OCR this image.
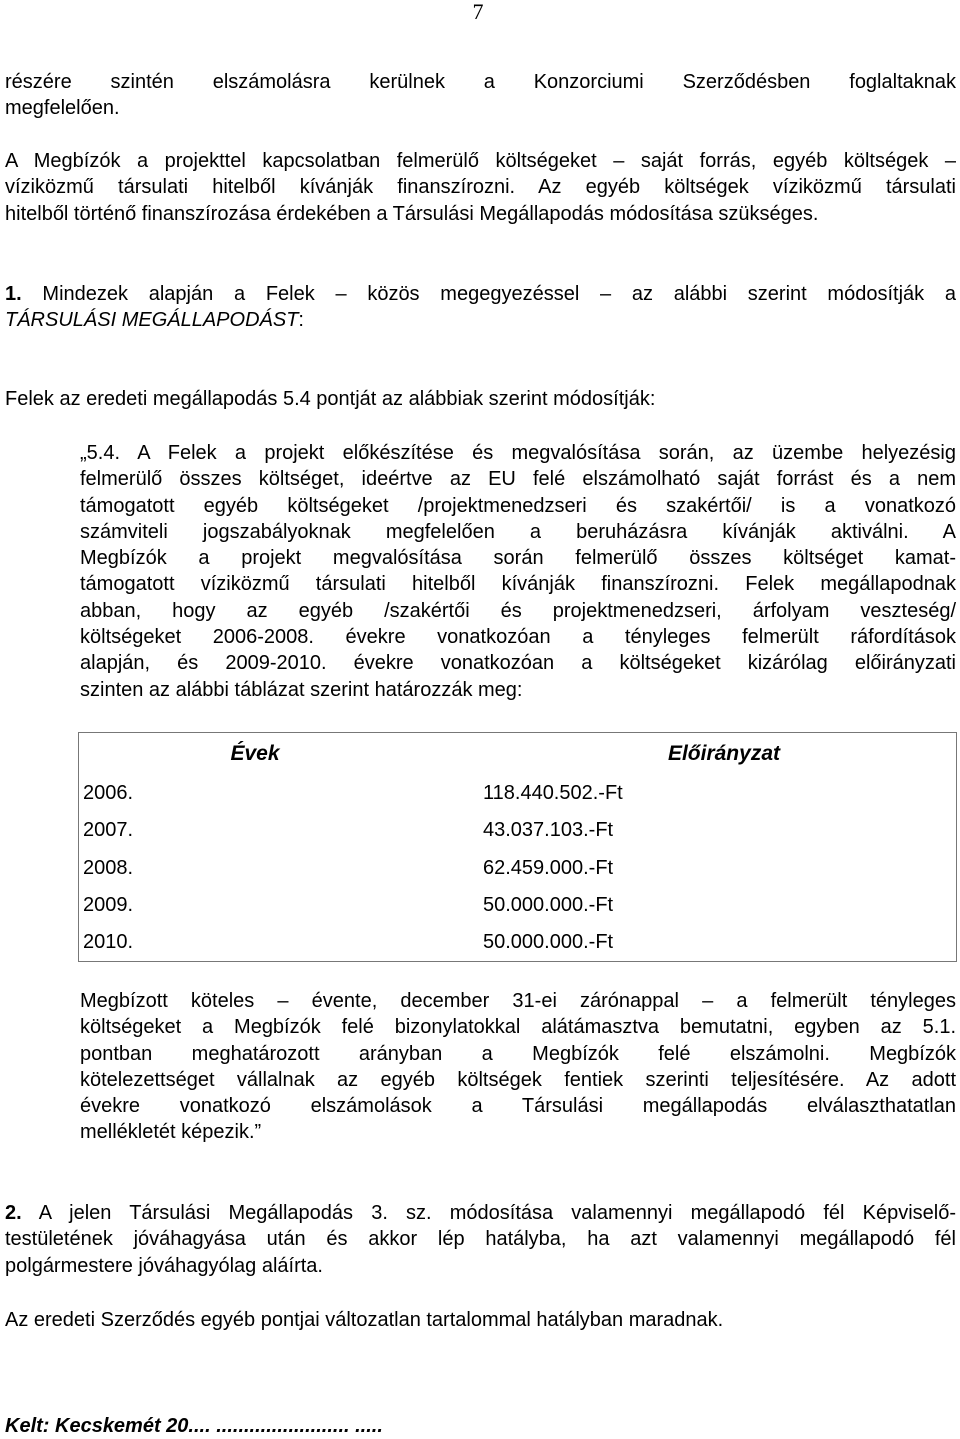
7
részére szintén elszámolásra kerülnek a Konzorciumi Szerződésben foglaltaknak
megfelelően.
A Megbízók a projekttel kapcsolatban felmerülő költségeket – saját forrás, egyéb költségek –
víziközmű társulati hitelből kívánják finanszírozni. Az egyéb költségek víziközmű társulati
hitelből történő finanszírozása érdekében a Társulási Megállapodás módosítása szükséges.
1. Mindezek alapján a Felek – közös megegyezéssel – az alábbi szerint módosítják a
TÁRSULÁSI MEGÁLLAPODÁST:
Felek az eredeti megállapodás 5.4 pontját az alábbiak szerint módosítják:
„5.4. A Felek a projekt előkészítése és megvalósítása során, az üzembe helyezésig
felmerülő összes költséget, ideértve az EU felé elszámolható saját forrást és a nem
támogatott egyéb költségeket /projektmenedzseri és szakértői/ is a vonatkozó
számviteli jogszabályoknak megfelelően a beruházásra kívánják aktiválni. A
Megbízók a projekt megvalósítása során felmerülő összes költséget kamat-
támogatott víziközmű társulati hitelből kívánják finanszírozni. Felek megállapodnak
abban, hogy az egyéb /szakértői és projektmenedzseri, árfolyam veszteség/
költségeket 2006-2008. évekre vonatkozóan a tényleges felmerült ráfordítások
alapján, és 2009-2010. évekre vonatkozóan a költségeket kizárólag előirányzati
szinten az alábbi táblázat szerint határozzák meg:
	Évek		Előirányzat
2006.		118.440.502.-Ft
2007.		43.037.103.-Ft
2008.		62.459.000.-Ft
2009.		50.000.000.-Ft
2010.		50.000.000.-Ft
Megbízott köteles – évente, december 31-ei zárónappal – a felmerült tényleges
költségeket a Megbízók felé bizonylatokkal alátámasztva bemutatni, egyben az 5.1.
pontban meghatározott arányban a Megbízók felé elszámolni. Megbízók
kötelezettséget vállalnak az egyéb költségek fentiek szerinti teljesítésére. Az adott
évekre vonatkozó elszámolások a Társulási megállapodás elválaszthatatlan
mellékletét képezik.”
2. A jelen Társulási Megállapodás 3. sz. módosítása valamennyi megállapodó fél Képviselő-
testületének jóváhagyása után és akkor lép hatályba, ha azt valamennyi megállapodó fél
polgármestere jóváhagyólag aláírta.
Az eredeti Szerződés egyéb pontjai változatlan tartalommal hatályban maradnak.
Kelt: Kecskemét 20.... ........................ .....
